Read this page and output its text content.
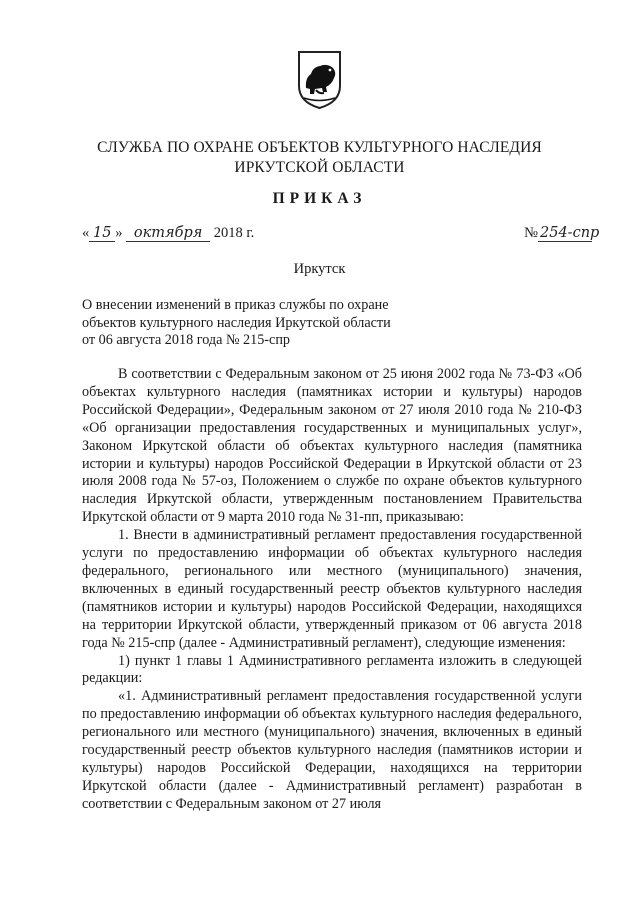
СЛУЖБА ПО ОХРАНЕ ОБЪЕКТОВ КУЛЬТУРНОГО НАСЛЕДИЯ
ИРКУТСКОЙ ОБЛАСТИ
ПРИКАЗ
« 15 » октября 2018 г.	№ 254-спр
Иркутск
О внесении изменений в приказ службы по охране
объектов культурного наследия Иркутской области
от 06 августа 2018 года № 215-спр

В соответствии с Федеральным законом от 25 июня 2002 года № 73-ФЗ «Об объектах культурного наследия (памятниках истории и культуры) народов Российской Федерации», Федеральным законом от 27 июля 2010 года № 210-ФЗ «Об организации предоставления государственных и муниципальных услуг», Законом Иркутской области об объектах культурного наследия (памятника истории и культуры) народов Российской Федерации в Иркутской области от 23 июля 2008 года № 57-оз, Положением о службе по охране объектов культурного наследия Иркутской области, утвержденным постановлением Правительства Иркутской области от 9 марта 2010 года № 31-пп, приказываю:

1. Внести в административный регламент предоставления государственной услуги по предоставлению информации об объектах культурного наследия федерального, регионального или местного (муниципального) значения, включенных в единый государственный реестр объектов культурного наследия (памятников истории и культуры) народов Российской Федерации, находящихся на территории Иркутской области, утвержденный приказом от 06 августа 2018 года № 215-спр (далее - Административный регламент), следующие изменения:

1) пункт 1 главы 1 Административного регламента изложить в следующей редакции:

«1. Административный регламент предоставления государственной услуги по предоставлению информации об объектах культурного наследия федерального, регионального или местного (муниципального) значения, включенных в единый государственный реестр объектов культурного наследия (памятников истории и культуры) народов Российской Федерации, находящихся на территории Иркутской области (далее - Административный регламент) разработан в соответствии с Федеральным законом от 27 июля
